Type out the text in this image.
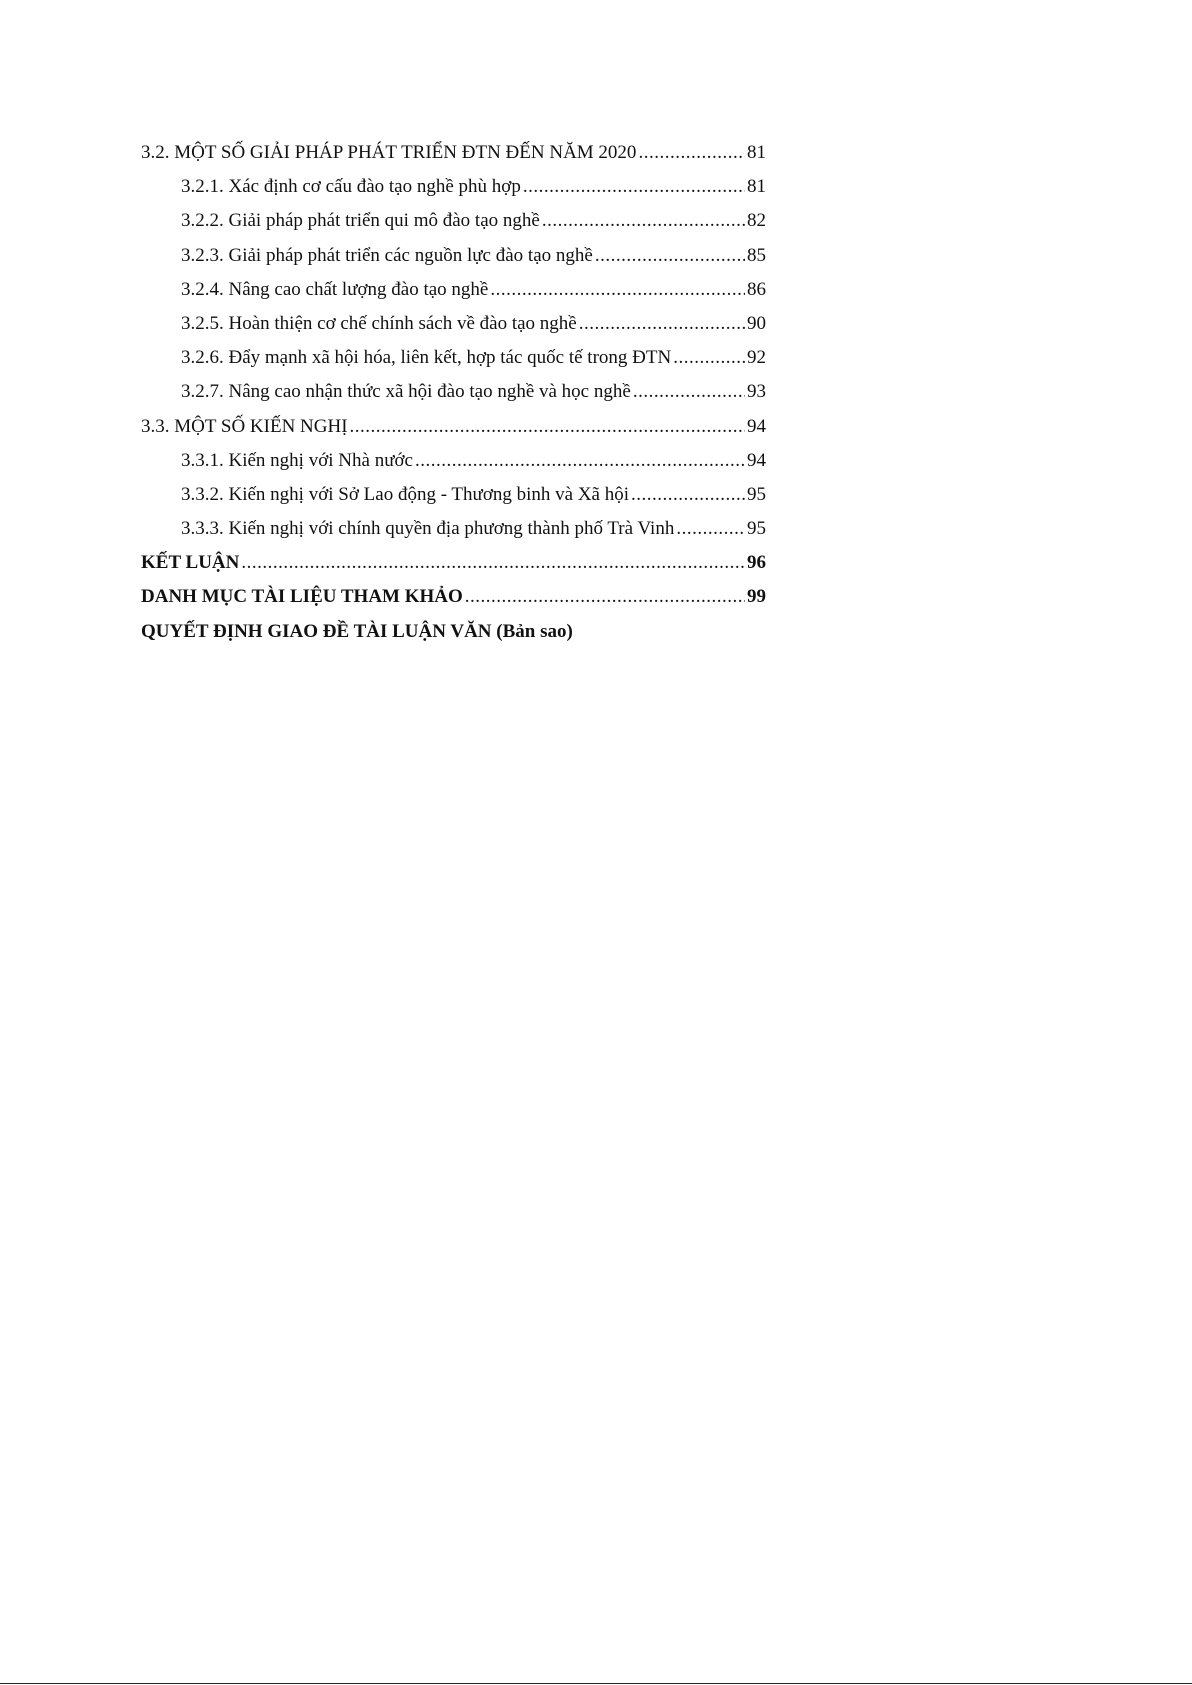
3.2. MỘT SỐ GIẢI PHÁP PHÁT TRIỂN ĐTN ĐẾN NĂM 2020 .....	81
3.2.1. Xác định cơ cấu đào tạo nghề phù hợp .....	81
3.2.2. Giải pháp phát triển qui mô đào tạo nghề .....	82
3.2.3. Giải pháp phát triển các nguồn lực đào tạo nghề .....	85
3.2.4. Nâng cao chất lượng đào tạo nghề .....	86
3.2.5. Hoàn thiện cơ chế chính sách về đào tạo nghề .....	90
3.2.6. Đẩy mạnh xã hội hóa, liên kết, hợp tác quốc tế trong ĐTN .....	92
3.2.7. Nâng cao nhận thức xã hội đào tạo nghề và học nghề .....	93
3.3. MỘT SỐ KIẾN NGHỊ .....	94
3.3.1. Kiến nghị với Nhà nước .....	94
3.3.2. Kiến nghị với Sở Lao động - Thương binh và Xã hội .....	95
3.3.3. Kiến nghị với chính quyền địa phương thành phố Trà Vinh .....	95
KẾT LUẬN .....	96
DANH MỤC TÀI LIỆU THAM KHẢO .....	99
QUYẾT ĐỊNH GIAO ĐỀ TÀI LUẬN VĂN (Bản sao)
